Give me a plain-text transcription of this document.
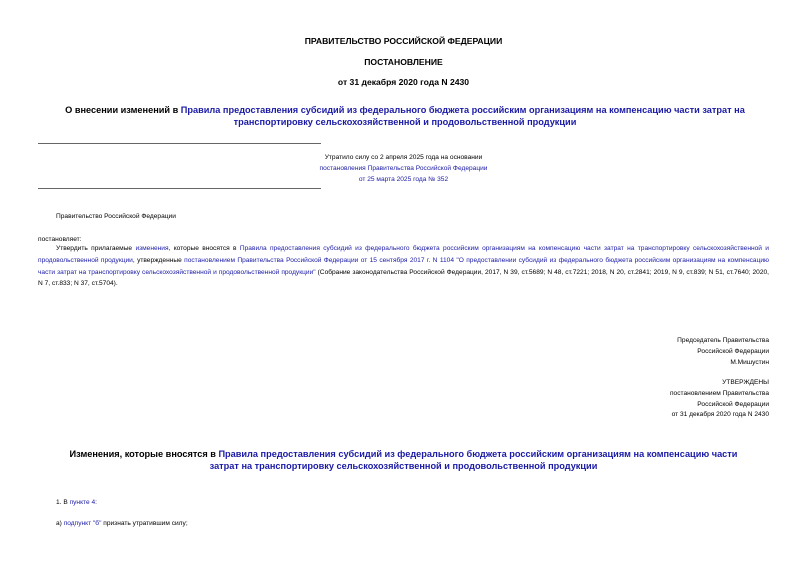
ПРАВИТЕЛЬСТВО РОССИЙСКОЙ ФЕДЕРАЦИИ
ПОСТАНОВЛЕНИЕ
от 31 декабря 2020 года N 2430
О внесении изменений в Правила предоставления субсидий из федерального бюджета российским организациям на компенсацию части затрат на транспортировку сельскохозяйственной и продовольственной продукции
Утратило силу со 2 апреля 2025 года на основании
постановления Правительства Российской Федерации
от 25 марта 2025 года № 352
Правительство Российской Федерации
постановляет:
Утвердить прилагаемые изменения, которые вносятся в Правила предоставления субсидий из федерального бюджета российским организациям на компенсацию части затрат на транспортировку сельскохозяйственной и продовольственной продукции, утвержденные постановлением Правительства Российской Федерации от 15 сентября 2017 г. N 1104 "О предоставлении субсидий из федерального бюджета российским организациям на компенсацию части затрат на транспортировку сельскохозяйственной и продовольственной продукции" (Собрание законодательства Российской Федерации, 2017, N 39, ст.5689; N 48, ст.7221; 2018, N 20, ст.2841; 2019, N 9, ст.839; N 51, ст.7640; 2020, N 7, ст.833; N 37, ст.5704).
Председатель Правительства
Российской Федерации
М.Мишустин
УТВЕРЖДЕНЫ
постановлением Правительства
Российской Федерации
от 31 декабря 2020 года N 2430
Изменения, которые вносятся в Правила предоставления субсидий из федерального бюджета российским организациям на компенсацию части затрат на транспортировку сельскохозяйственной и продовольственной продукции
1. В пункте 4:
а) подпункт "б" признать утратившим силу;
